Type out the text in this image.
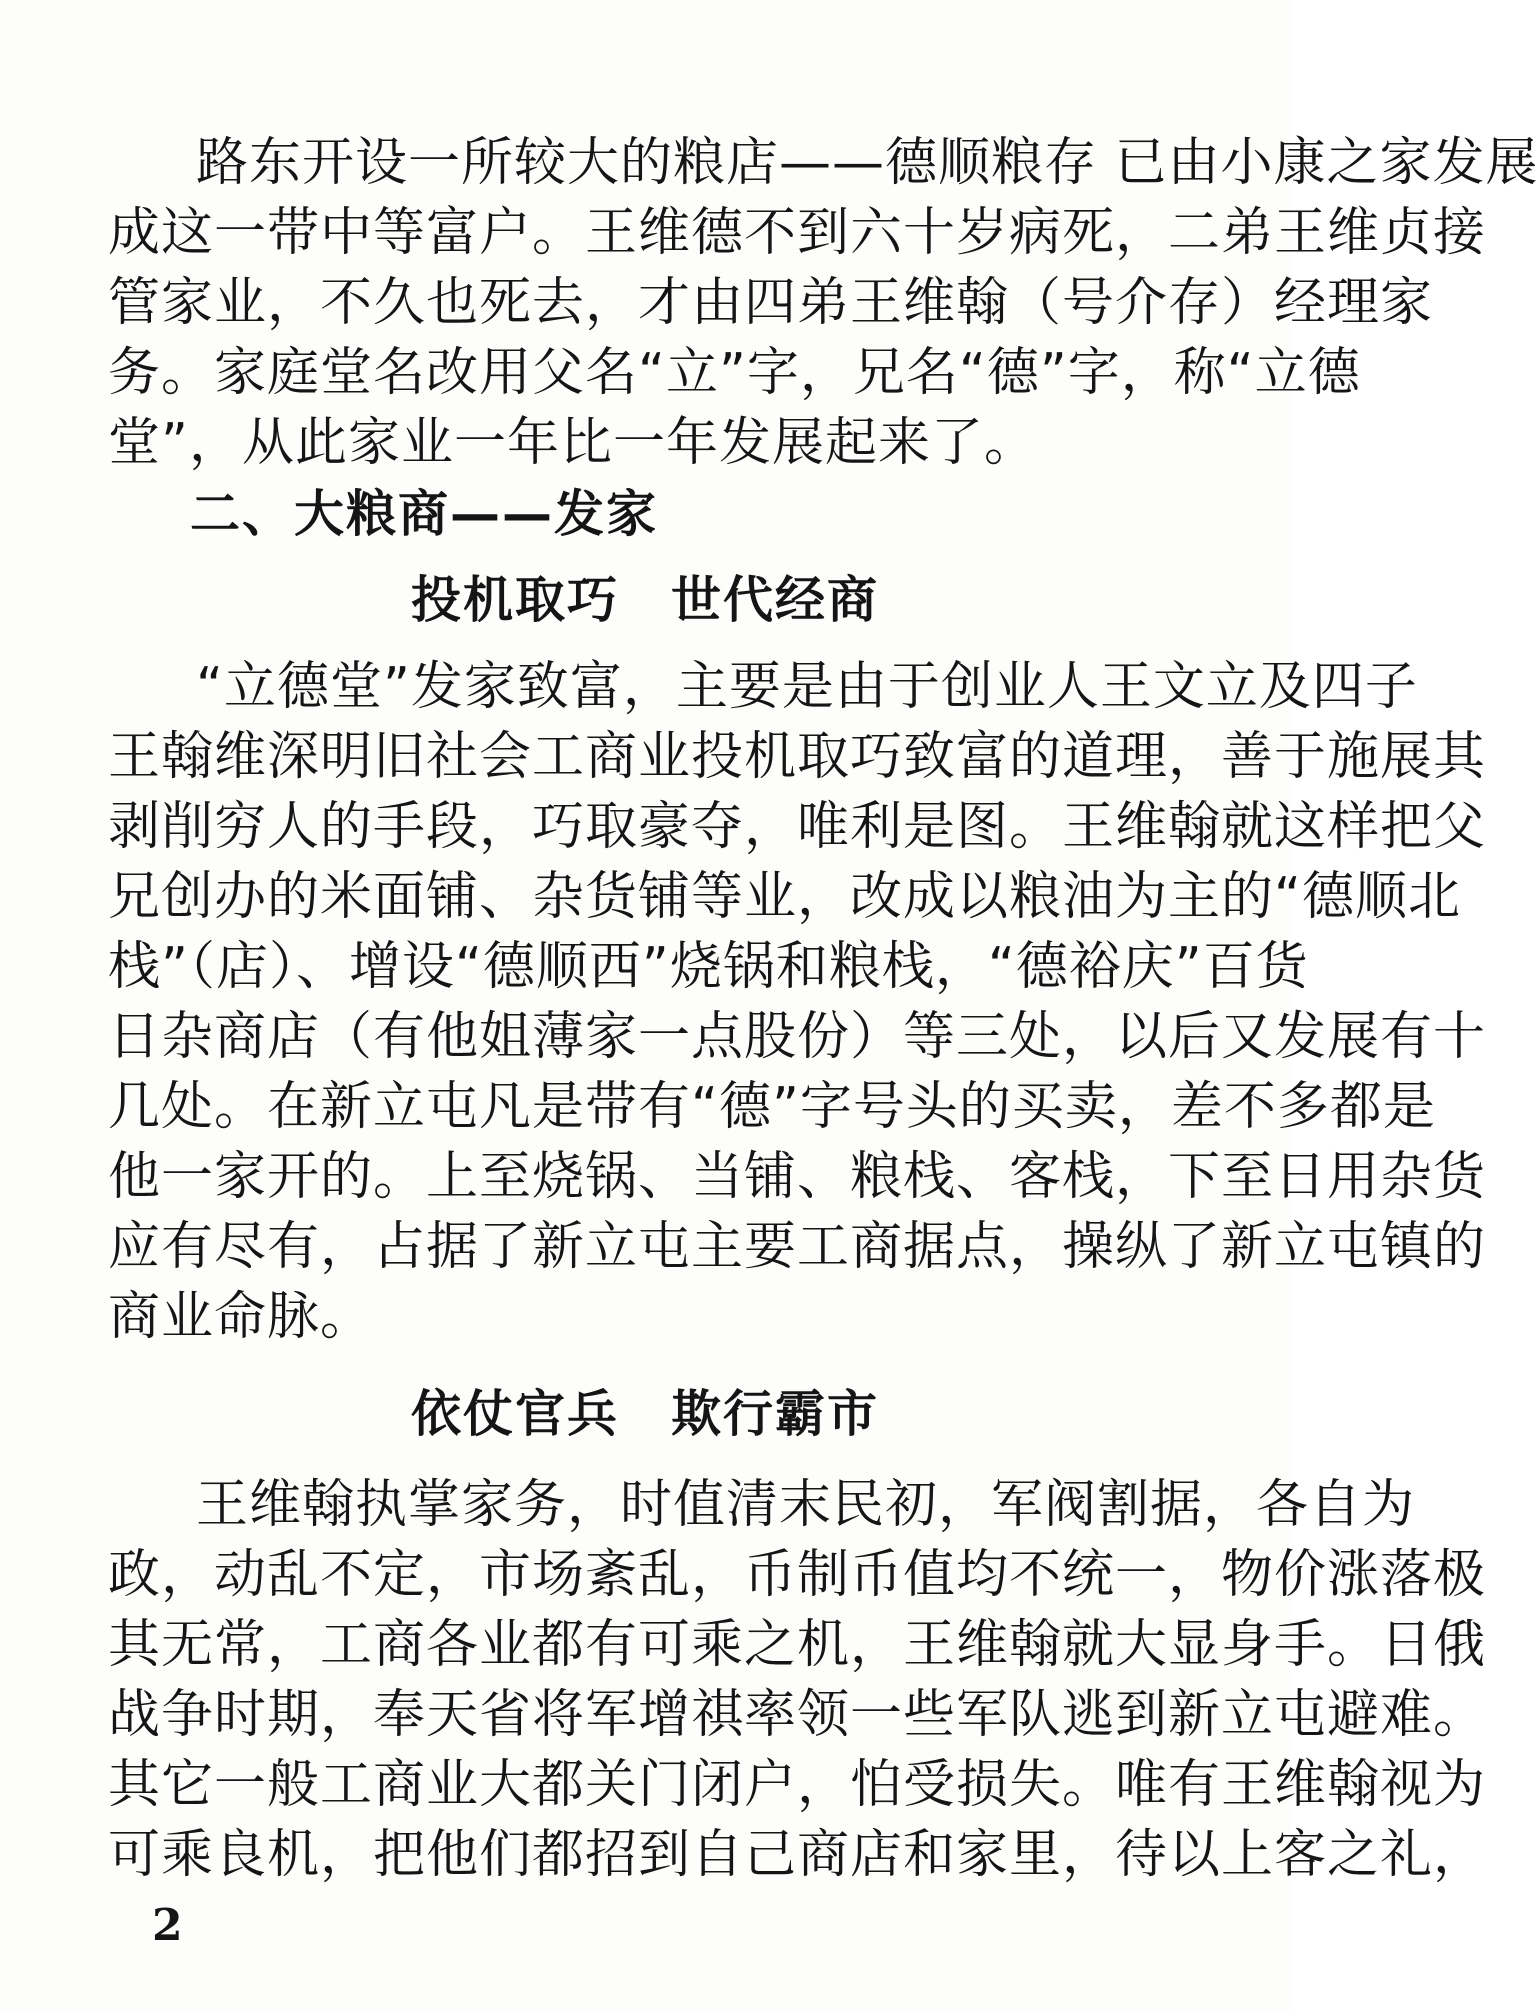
路东开设一所较大的粮店——德顺粮存 已由小康之家发展
成这一带中等富户。王维德不到六十岁病死，二弟王维贞接
管家业，不久也死去，才由四弟王维翰（号介存）经理家
务。家庭堂名改用父名“立”字，兄名“德”字，称“立德
堂”，从此家业一年比一年发展起来了。
二、大粮商——发家
投机取巧　世代经商
“立德堂”发家致富，主要是由于创业人王文立及四子
王翰维深明旧社会工商业投机取巧致富的道理，善于施展其
剥削穷人的手段，巧取豪夺，唯利是图。王维翰就这样把父
兄创办的米面铺、杂货铺等业，改成以粮油为主的“德顺北
栈”（店）、增设“德顺西”烧锅和粮栈，“德裕庆”百货
日杂商店（有他姐薄家一点股份）等三处，以后又发展有十
几处。在新立屯凡是带有“德”字号头的买卖，差不多都是
他一家开的。上至烧锅、当铺、粮栈、客栈，下至日用杂货
应有尽有，占据了新立屯主要工商据点，操纵了新立屯镇的
商业命脉。
依仗官兵　欺行霸市
王维翰执掌家务，时值清末民初，军阀割据，各自为
政，动乱不定，市场紊乱，币制币值均不统一，物价涨落极
其无常，工商各业都有可乘之机，王维翰就大显身手。日俄
战争时期，奉天省将军增祺率领一些军队逃到新立屯避难。
其它一般工商业大都关门闭户，怕受损失。唯有王维翰视为
可乘良机，把他们都招到自己商店和家里，待以上客之礼，
2
